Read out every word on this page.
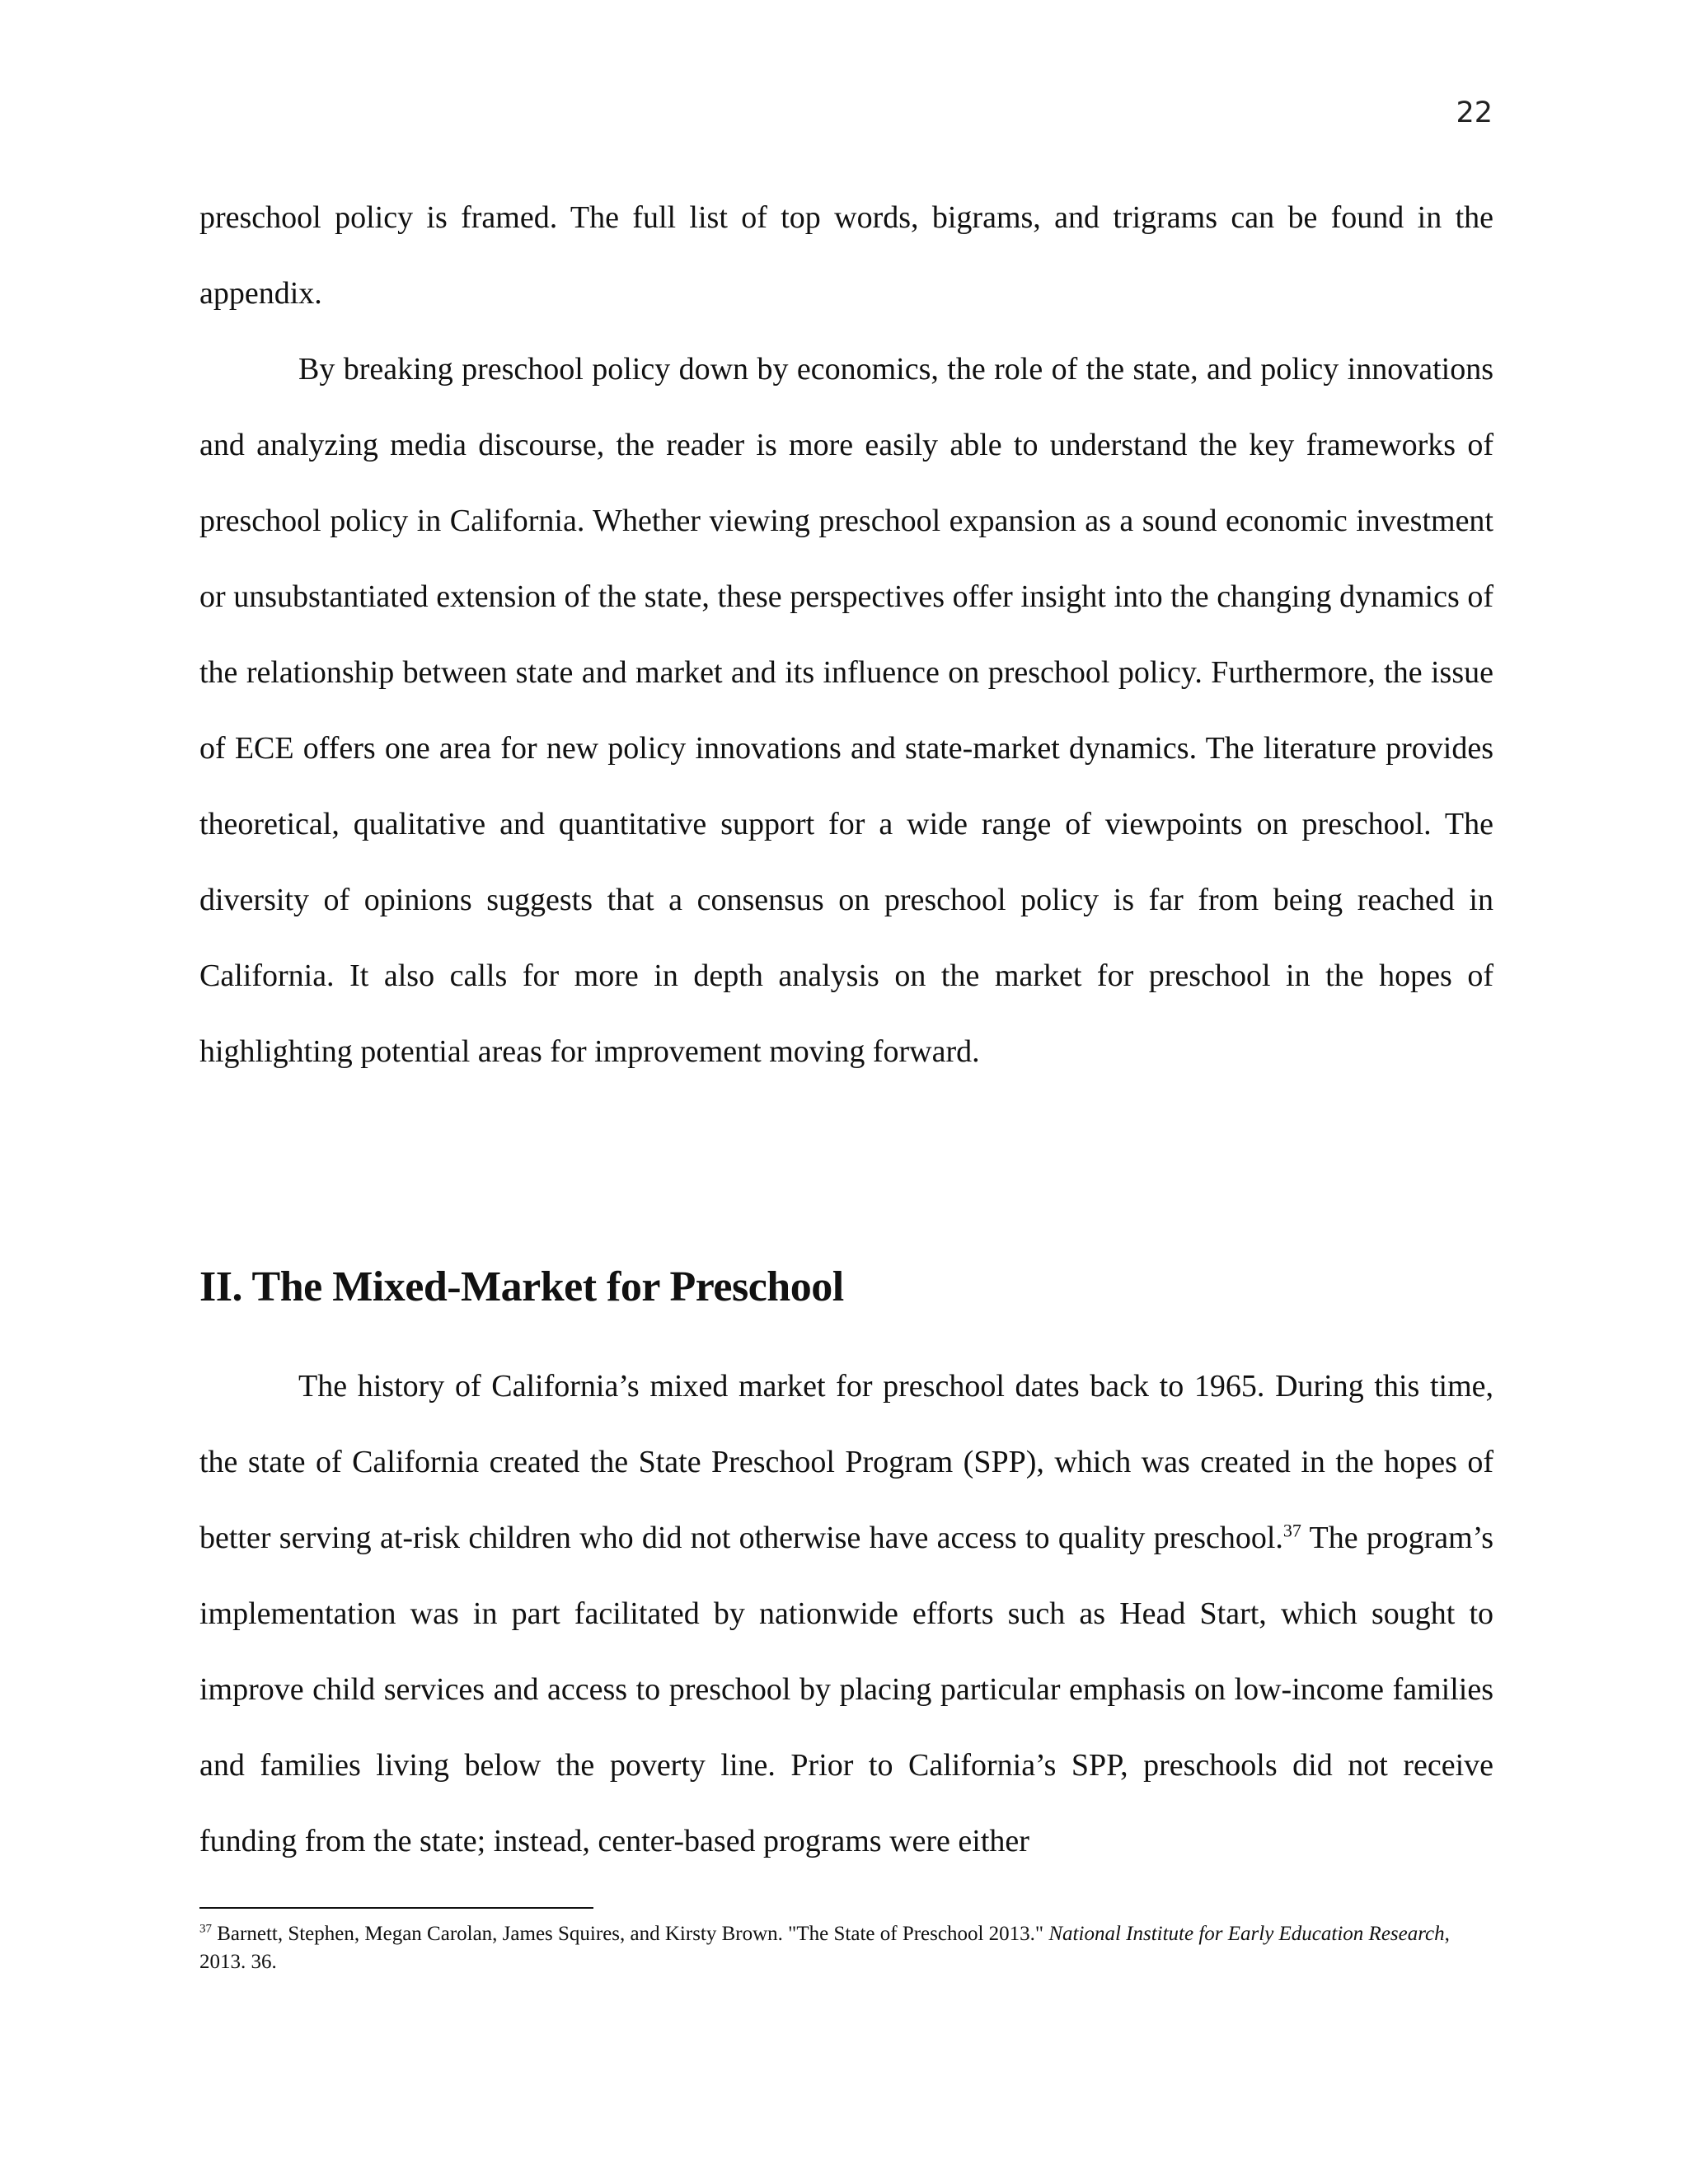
22

preschool policy is framed. The full list of top words, bigrams, and trigrams can be found in the appendix.

By breaking preschool policy down by economics, the role of the state, and policy innovations and analyzing media discourse, the reader is more easily able to understand the key frameworks of preschool policy in California. Whether viewing preschool expansion as a sound economic investment or unsubstantiated extension of the state, these perspectives offer insight into the changing dynamics of the relationship between state and market and its influence on preschool policy. Furthermore, the issue of ECE offers one area for new policy innovations and state-market dynamics. The literature provides theoretical, qualitative and quantitative support for a wide range of viewpoints on preschool. The diversity of opinions suggests that a consensus on preschool policy is far from being reached in California. It also calls for more in depth analysis on the market for preschool in the hopes of highlighting potential areas for improvement moving forward.

II. The Mixed-Market for Preschool

The history of California’s mixed market for preschool dates back to 1965. During this time, the state of California created the State Preschool Program (SPP), which was created in the hopes of better serving at-risk children who did not otherwise have access to quality preschool.$^{37}$ The program’s implementation was in part facilitated by nationwide efforts such as Head Start, which sought to improve child services and access to preschool by placing particular emphasis on low-income families and families living below the poverty line. Prior to California’s SPP, preschools did not receive funding from the state; instead, center-based programs were either

$^{37}$ Barnett, Stephen, Megan Carolan, James Squires, and Kirsty Brown. "The State of Preschool 2013." National Institute for Early Education Research, 2013. 36.
